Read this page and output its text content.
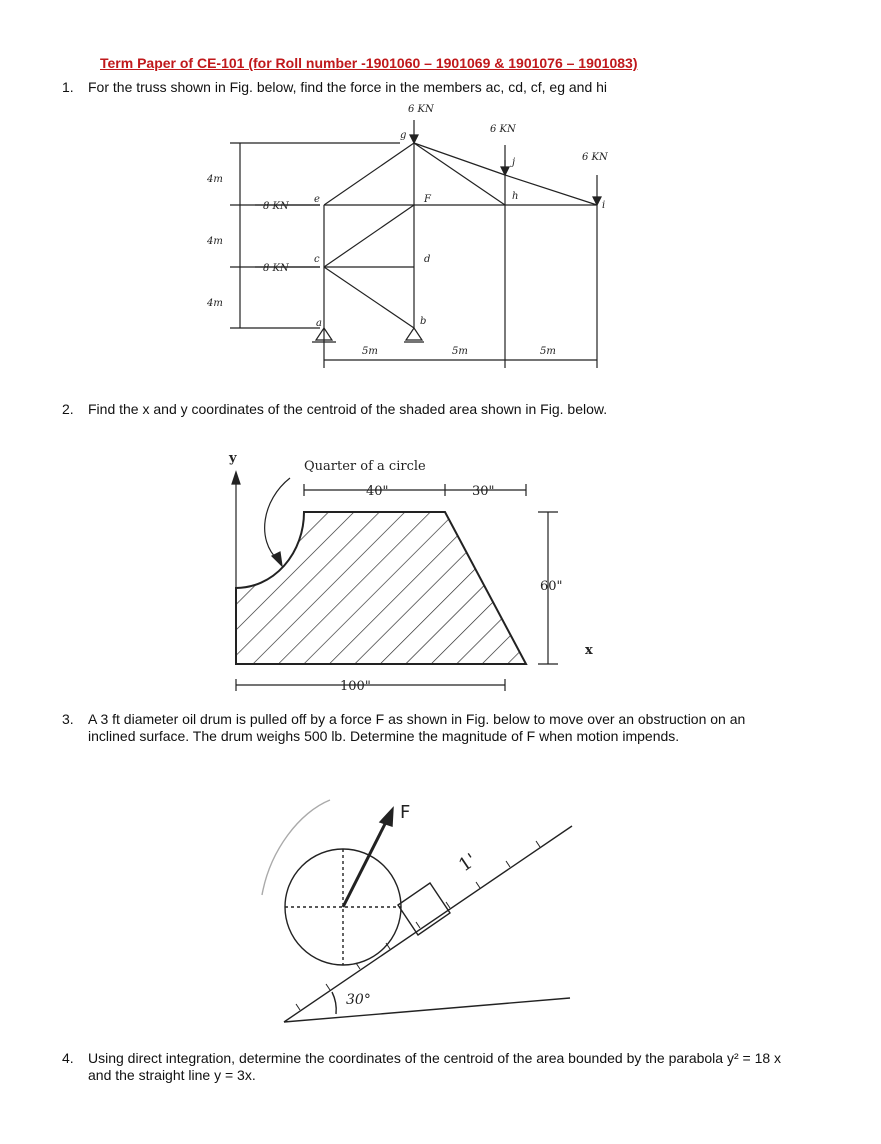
Term Paper of CE-101 (for Roll number -1901060 – 1901069 & 1901076 – 1901083)
1. For the truss shown in Fig. below, find the force in the members ac, cd, cf, eg and hi
6 KN
6 KN
6 KN
8 KN
8 KN
4m
4m
4m
5m	5m	5m
a	b
c	d
e	F
g
h
i
j
2. Find the x and y coordinates of the centroid of the shaded area shown in Fig. below.
y
x
Quarter of a circle
40"	30"
60"
100"
3. A 3 ft diameter oil drum is pulled off by a force F as shown in Fig. below to move over an obstruction on an inclined surface. The drum weighs 500 lb. Determine the magnitude of F when motion impends.
F
30°
1'
4. Using direct integration, determine the coordinates of the centroid of the area bounded by the parabola y² = 18 x and the straight line y = 3x.
